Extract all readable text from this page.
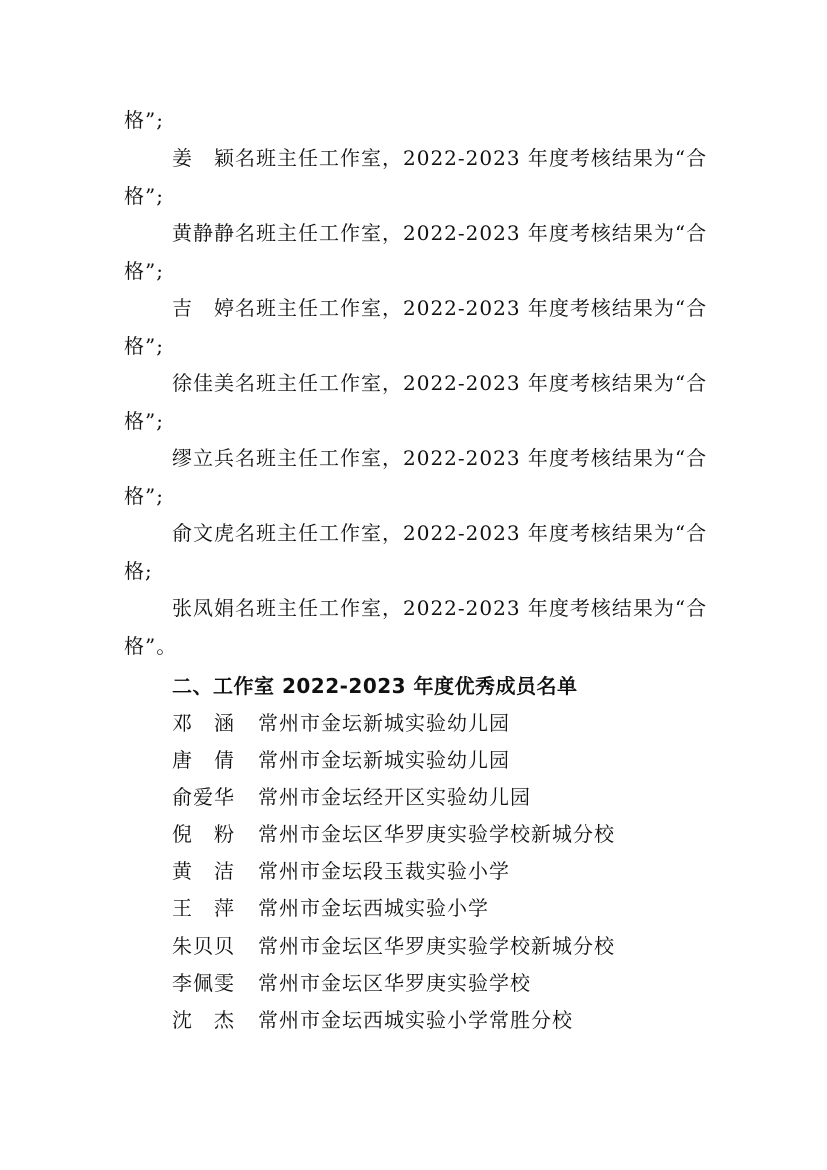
格”;
姜　颖名班主任工作室，2022-2023 年度考核结果为“合
格”;
黄静静名班主任工作室，2022-2023 年度考核结果为“合
格”;
吉　婷名班主任工作室，2022-2023 年度考核结果为“合
格”;
徐佳美名班主任工作室，2022-2023 年度考核结果为“合
格”;
缪立兵名班主任工作室，2022-2023 年度考核结果为“合
格”;
俞文虎名班主任工作室，2022-2023 年度考核结果为“合
格;
张凤娟名班主任工作室，2022-2023 年度考核结果为“合
格”。
二、工作室 2022-2023 年度优秀成员名单
邓　涵	常州市金坛新城实验幼儿园
唐　倩	常州市金坛新城实验幼儿园
俞爱华	常州市金坛经开区实验幼儿园
倪　粉	常州市金坛区华罗庚实验学校新城分校
黄　洁	常州市金坛段玉裁实验小学
王　萍	常州市金坛西城实验小学
朱贝贝	常州市金坛区华罗庚实验学校新城分校
李佩雯	常州市金坛区华罗庚实验学校
沈　杰	常州市金坛西城实验小学常胜分校
